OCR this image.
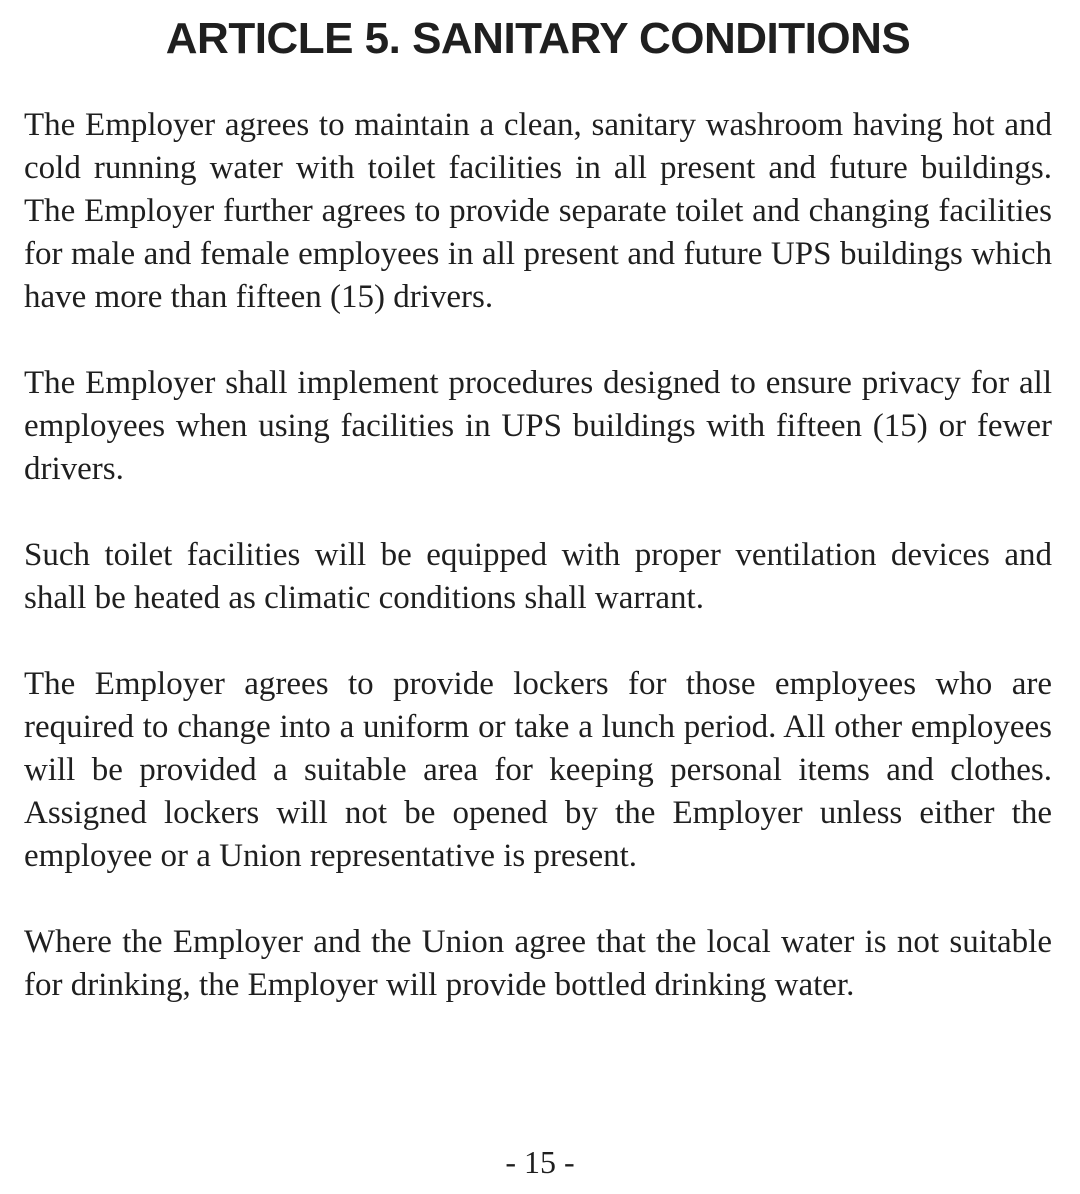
ARTICLE 5. SANITARY CONDITIONS

The Employer agrees to maintain a clean, sanitary washroom having hot and cold running water with toilet facilities in all present and future buildings. The Employer further agrees to provide separate toilet and changing facilities for male and female employees in all present and future UPS buildings which have more than fifteen (15) drivers.

The Employer shall implement procedures designed to ensure privacy for all employees when using facilities in UPS buildings with fifteen (15) or fewer drivers.

Such toilet facilities will be equipped with proper ventilation devices and shall be heated as climatic conditions shall warrant.

The Employer agrees to provide lockers for those employees who are required to change into a uniform or take a lunch period. All other employees will be provided a suitable area for keeping personal items and clothes. Assigned lockers will not be opened by the Employer unless either the employee or a Union representative is present.

Where the Employer and the Union agree that the local water is not suitable for drinking, the Employer will provide bottled drinking water.

- 15 -
